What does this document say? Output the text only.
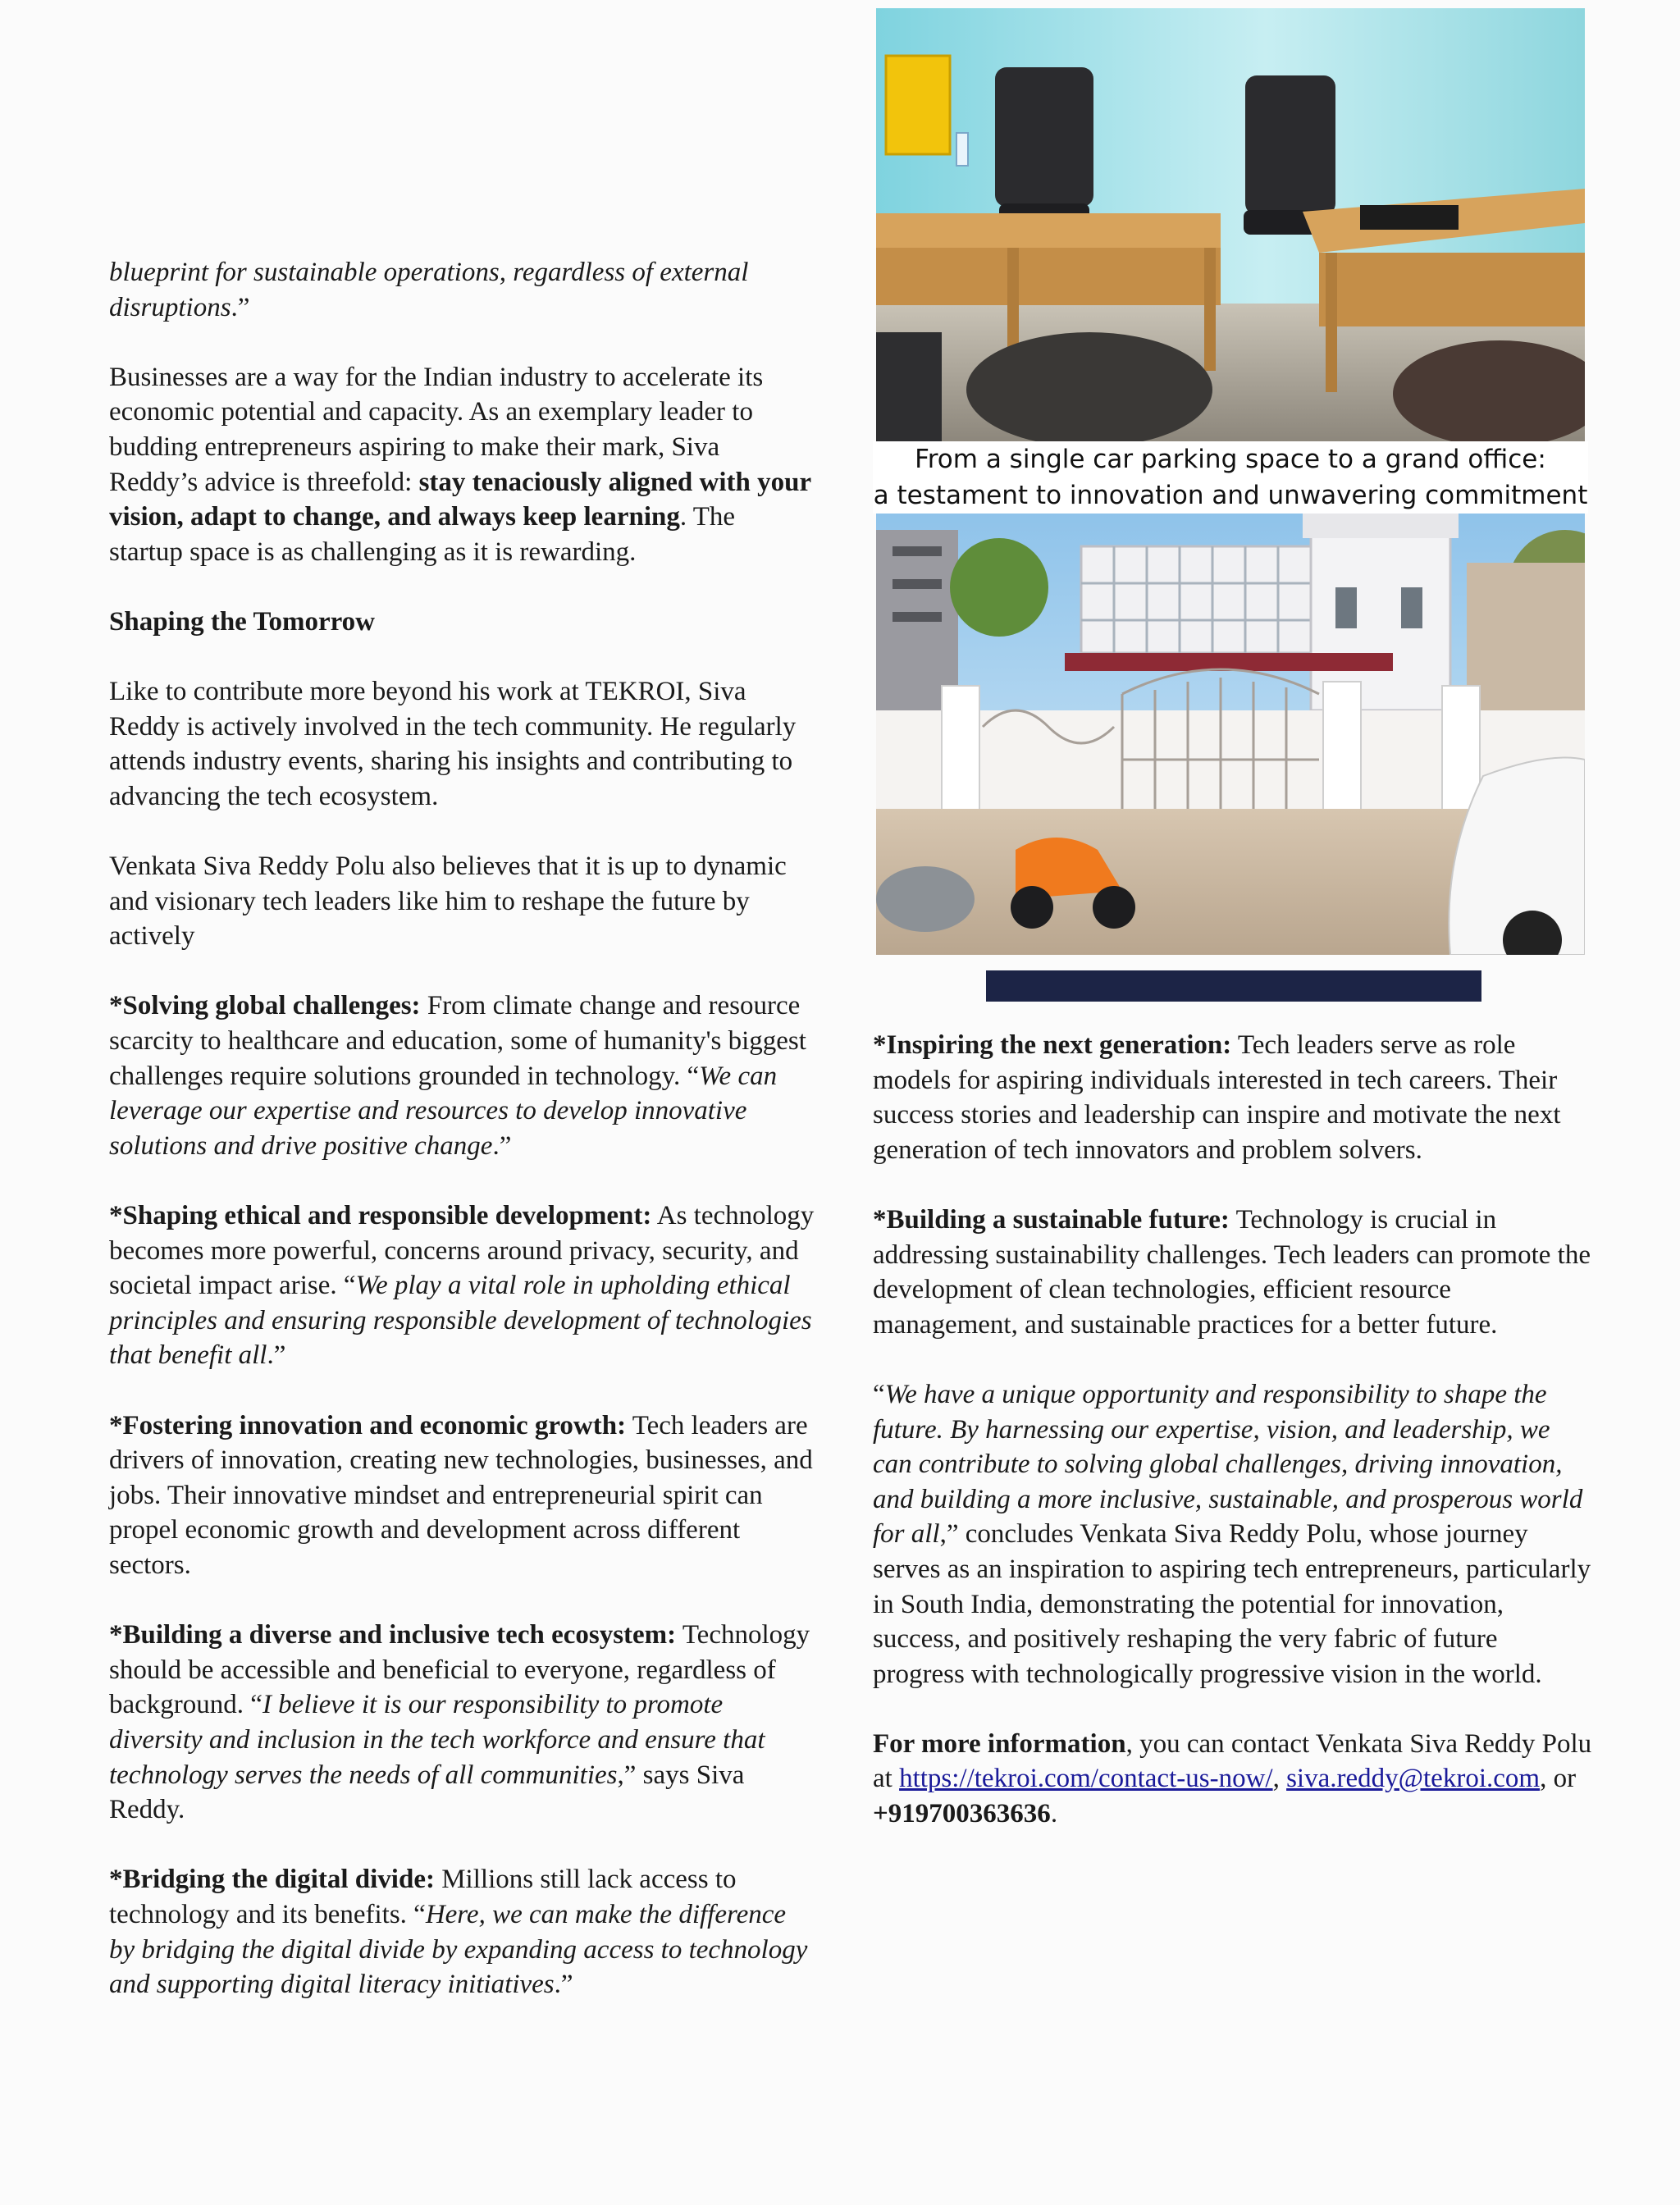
blueprint for sustainable operations, regardless of external disruptions.”

Businesses are a way for the Indian industry to accelerate its economic potential and capacity. As an exemplary leader to budding entrepreneurs aspiring to make their mark, Siva Reddy’s advice is threefold: stay tenaciously aligned with your vision, adapt to change, and always keep learning. The startup space is as challenging as it is rewarding.

Shaping the Tomorrow

Like to contribute more beyond his work at TEKROI, Siva Reddy is actively involved in the tech community. He regularly attends industry events, sharing his insights and contributing to advancing the tech ecosystem.

Venkata Siva Reddy Polu also believes that it is up to dynamic and visionary tech leaders like him to reshape the future by actively

*Solving global challenges: From climate change and resource scarcity to healthcare and education, some of humanity's biggest challenges require solutions grounded in technology. “We can leverage our expertise and resources to develop innovative solutions and drive positive change.”

*Shaping ethical and responsible development: As technology becomes more powerful, concerns around privacy, security, and societal impact arise. “We play a vital role in upholding ethical principles and ensuring responsible development of technologies that benefit all.”

*Fostering innovation and economic growth: Tech leaders are drivers of innovation, creating new technologies, businesses, and jobs. Their innovative mindset and entrepreneurial spirit can propel economic growth and development across different sectors.

*Building a diverse and inclusive tech ecosystem: Technology should be accessible and beneficial to everyone, regardless of background. “I believe it is our responsibility to promote diversity and inclusion in the tech workforce and ensure that technology serves the needs of all communities,” says Siva Reddy.

*Bridging the digital divide: Millions still lack access to technology and its benefits. “Here, we can make the difference by bridging the digital divide by expanding access to technology and supporting digital literacy initiatives.”

From a single car parking space to a grand office:
a testament to innovation and unwavering commitment

*Inspiring the next generation: Tech leaders serve as role models for aspiring individuals interested in tech careers. Their success stories and leadership can inspire and motivate the next generation of tech innovators and problem solvers.

*Building a sustainable future: Technology is crucial in addressing sustainability challenges. Tech leaders can promote the development of clean technologies, efficient resource management, and sustainable practices for a better future.

“We have a unique opportunity and responsibility to shape the future. By harnessing our expertise, vision, and leadership, we can contribute to solving global challenges, driving innovation, and building a more inclusive, sustainable, and prosperous world for all,” concludes Venkata Siva Reddy Polu, whose journey serves as an inspiration to aspiring tech entrepreneurs, particularly in South India, demonstrating the potential for innovation, success, and positively reshaping the very fabric of future progress with technologically progressive vision in the world.

For more information, you can contact Venkata Siva Reddy Polu at https://tekroi.com/contact-us-now/, siva.reddy@tekroi.com, or +919700363636.
